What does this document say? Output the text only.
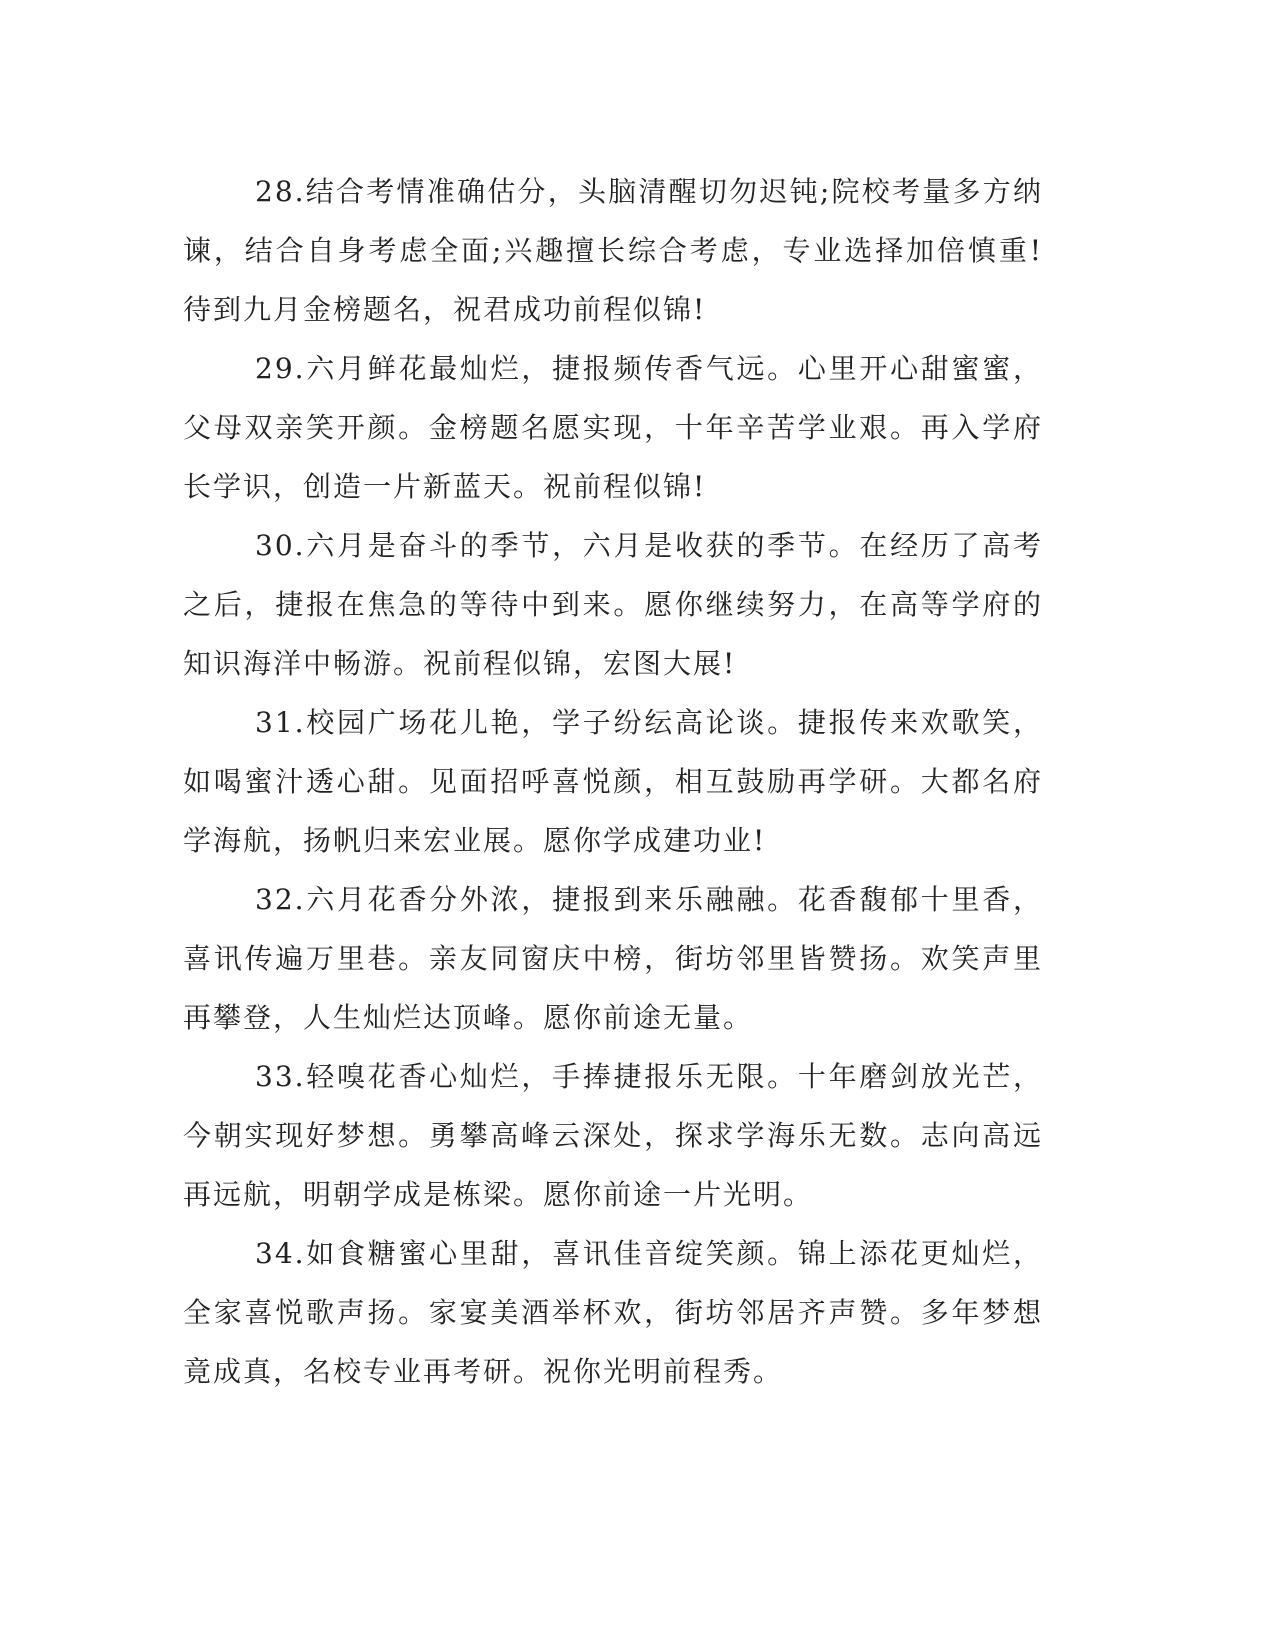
28.结合考情准确估分，头脑清醒切勿迟钝;院校考量多方纳谏，结合自身考虑全面;兴趣擅长综合考虑，专业选择加倍慎重!待到九月金榜题名，祝君成功前程似锦!

29.六月鲜花最灿烂，捷报频传香气远。心里开心甜蜜蜜，父母双亲笑开颜。金榜题名愿实现，十年辛苦学业艰。再入学府长学识，创造一片新蓝天。祝前程似锦!

30.六月是奋斗的季节，六月是收获的季节。在经历了高考之后，捷报在焦急的等待中到来。愿你继续努力，在高等学府的知识海洋中畅游。祝前程似锦，宏图大展!

31.校园广场花儿艳，学子纷纭高论谈。捷报传来欢歌笑，如喝蜜汁透心甜。见面招呼喜悦颜，相互鼓励再学研。大都名府学海航，扬帆归来宏业展。愿你学成建功业!

32.六月花香分外浓，捷报到来乐融融。花香馥郁十里香，喜讯传遍万里巷。亲友同窗庆中榜，街坊邻里皆赞扬。欢笑声里再攀登，人生灿烂达顶峰。愿你前途无量。

33.轻嗅花香心灿烂，手捧捷报乐无限。十年磨剑放光芒，今朝实现好梦想。勇攀高峰云深处，探求学海乐无数。志向高远再远航，明朝学成是栋梁。愿你前途一片光明。

34.如食糖蜜心里甜，喜讯佳音绽笑颜。锦上添花更灿烂，全家喜悦歌声扬。家宴美酒举杯欢，街坊邻居齐声赞。多年梦想竟成真，名校专业再考研。祝你光明前程秀。
